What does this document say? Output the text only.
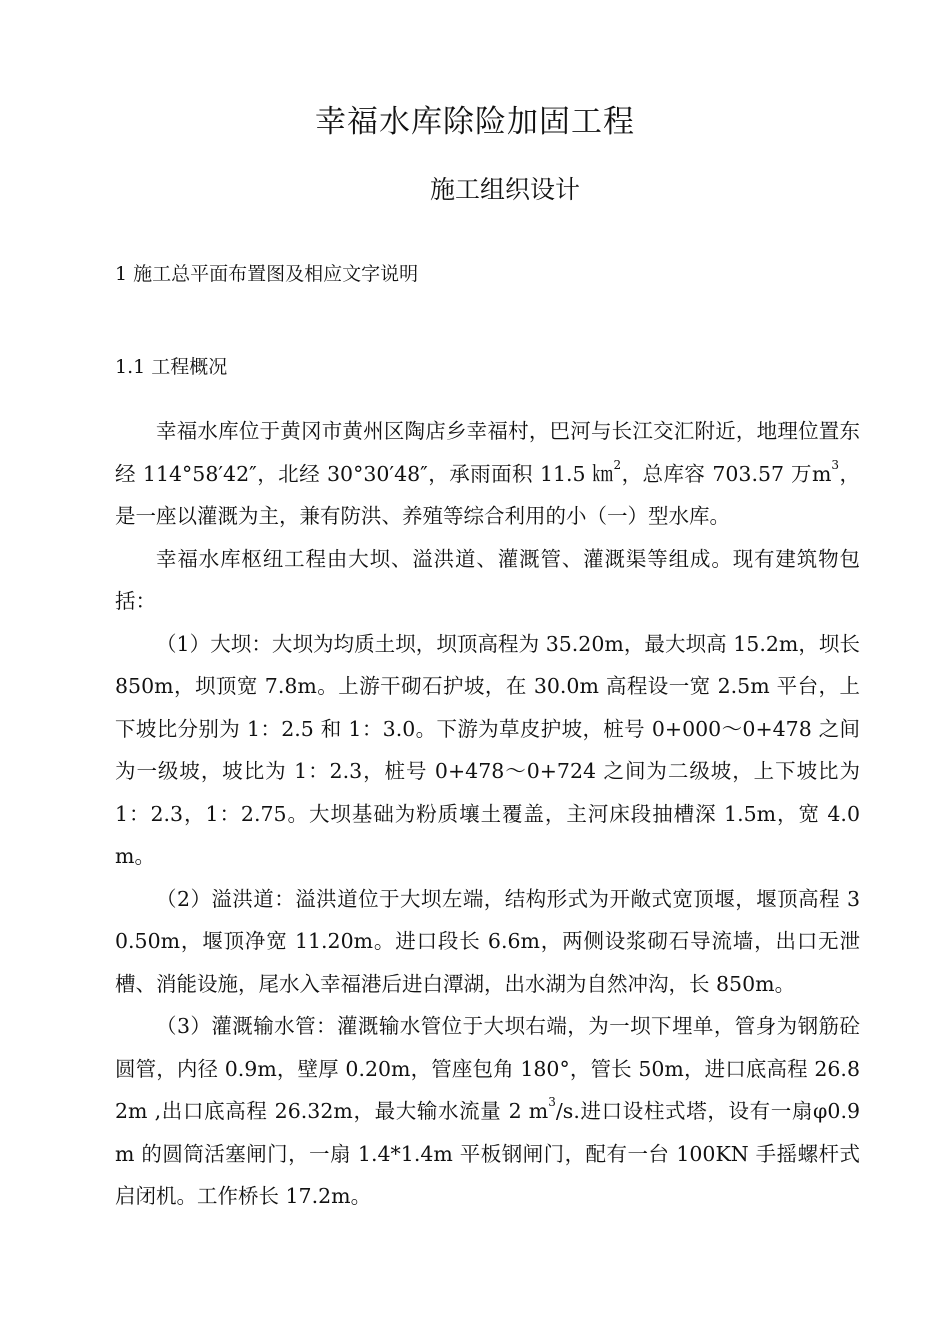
幸福水库除险加固工程
施工组织设计
1 施工总平面布置图及相应文字说明
1.1 工程概况

幸福水库位于黄冈市黄州区陶店乡幸福村，巴河与长江交汇附近，地理位置东经 114°58′42″，北经 30°30′48″，承雨面积 11.5 ㎞$^2$，总库容 703.57 万$m^3$，是一座以灌溉为主，兼有防洪、养殖等综合利用的小（一）型水库。

幸福水库枢纽工程由大坝、溢洪道、灌溉管、灌溉渠等组成。现有建筑物包括：

（1）大坝：大坝为均质土坝，坝顶高程为 35.20m，最大坝高 15.2m，坝长 850m，坝顶宽 7.8m。上游干砌石护坡，在 30.0m 高程设一宽 2.5m 平台，上下坡比分别为 1：2.5 和 1：3.0。下游为草皮护坡，桩号 0+000～0+478 之间为一级坡，坡比为 1：2.3，桩号 0+478～0+724 之间为二级坡，上下坡比为 1：2.3，1：2.75。大坝基础为粉质壤土覆盖，主河床段抽槽深 1.5m，宽 4.0m。

（2）溢洪道：溢洪道位于大坝左端，结构形式为开敞式宽顶堰，堰顶高程 30.50m，堰顶净宽 11.20m。进口段长 6.6m，两侧设浆砌石导流墙，出口无泄槽、消能设施，尾水入幸福港后进白潭湖，出水湖为自然冲沟，长 850m。

（3）灌溉输水管：灌溉输水管位于大坝右端，为一坝下埋单，管身为钢筋砼圆管，内径 0.9m，壁厚 0.20m，管座包角 180°，管长 50m，进口底高程 26.82m ,出口底高程 26.32m，最大输水流量 2 $m^3/s$.进口设柱式塔，设有一扇φ0.9m 的圆筒活塞闸门，一扇 1.4*1.4m 平板钢闸门，配有一台 100KN 手摇螺杆式启闭机。工作桥长 17.2m。
